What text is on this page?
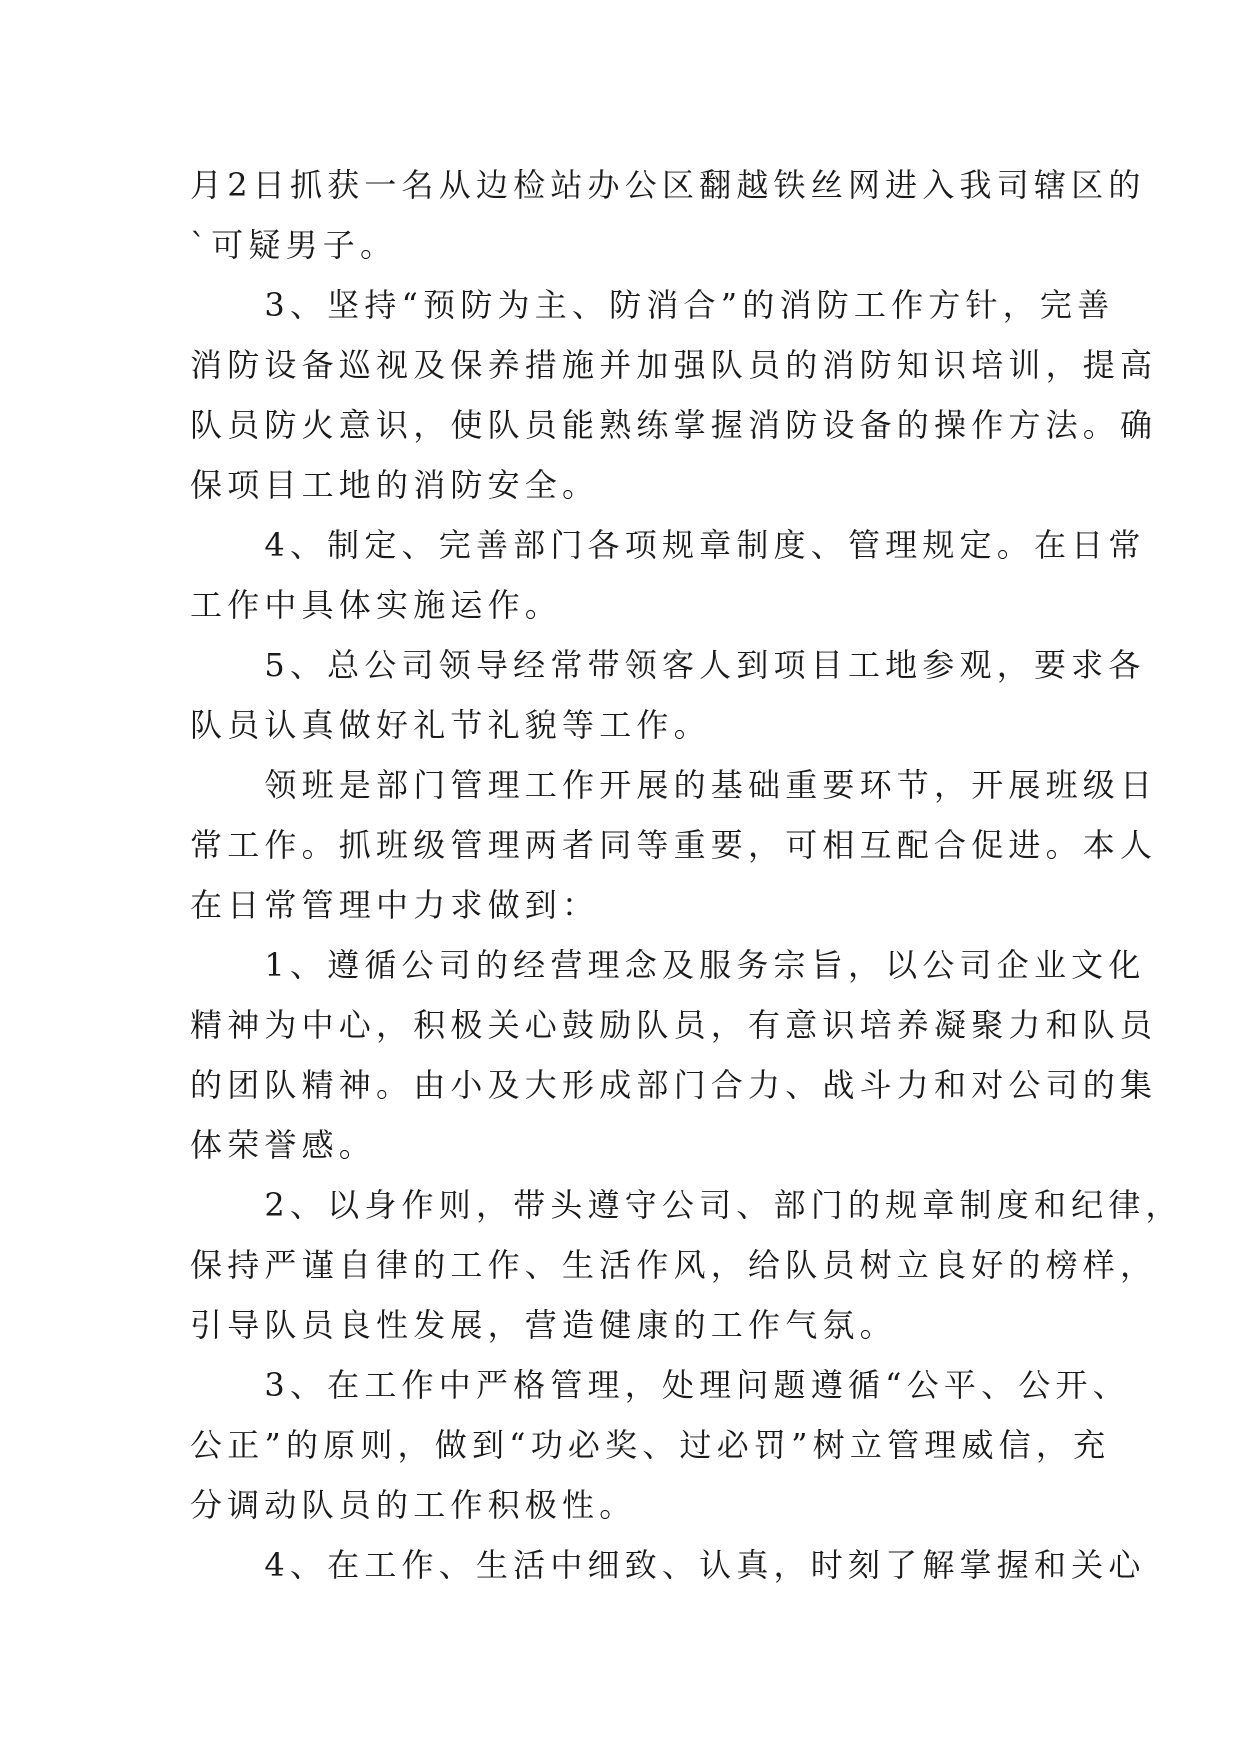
月2日抓获一名从边检站办公区翻越铁丝网进入我司辖区的
`可疑男子。

　　3、坚持“预防为主、防消合”的消防工作方针，完善
消防设备巡视及保养措施并加强队员的消防知识培训，提高
队员防火意识，使队员能熟练掌握消防设备的操作方法。确
保项目工地的消防安全。

　　4、制定、完善部门各项规章制度、管理规定。在日常
工作中具体实施运作。

　　5、总公司领导经常带领客人到项目工地参观，要求各
队员认真做好礼节礼貌等工作。

　　领班是部门管理工作开展的基础重要环节，开展班级日
常工作。抓班级管理两者同等重要，可相互配合促进。本人
在日常管理中力求做到：

　　1、遵循公司的经营理念及服务宗旨，以公司企业文化
精神为中心，积极关心鼓励队员，有意识培养凝聚力和队员
的团队精神。由小及大形成部门合力、战斗力和对公司的集
体荣誉感。

　　2、以身作则，带头遵守公司、部门的规章制度和纪律，
保持严谨自律的工作、生活作风，给队员树立良好的榜样，
引导队员良性发展，营造健康的工作气氛。

　　3、在工作中严格管理，处理问题遵循“公平、公开、
公正”的原则，做到“功必奖、过必罚”树立管理威信，充
分调动队员的工作积极性。

　　4、在工作、生活中细致、认真，时刻了解掌握和关心
